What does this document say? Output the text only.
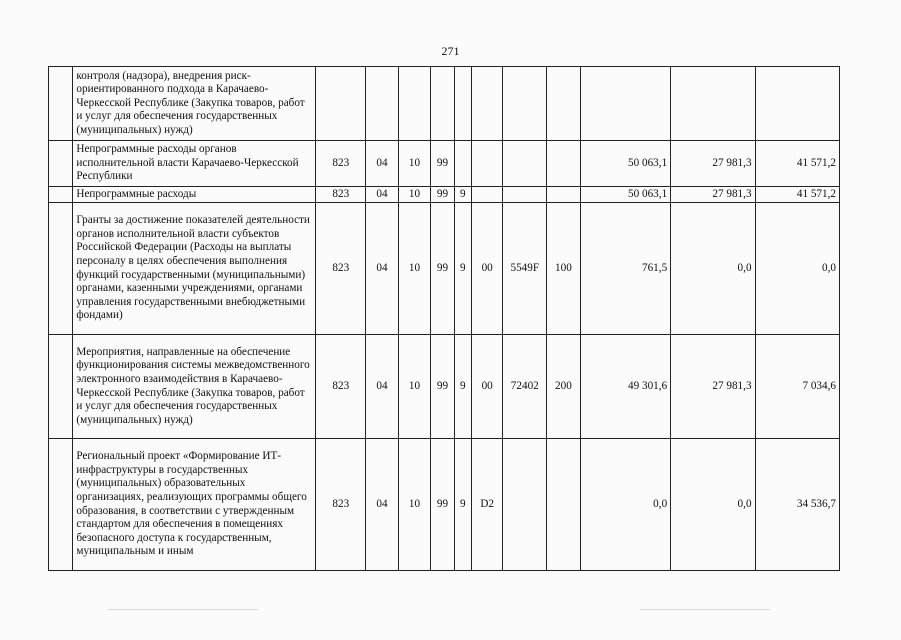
271
	контроля (надзора), внедрения риск-ориентированного подхода в Карачаево-Черкесской Республике (Закупка товаров, работ и услуг для обеспечения государственных (муниципальных) нужд)											
	Непрограммные расходы органов исполнительной власти Карачаево-Черкесской Республики	823	04	10	99					50 063,1	27 981,3	41 571,2
	Непрограммные расходы	823	04	10	99	9				50 063,1	27 981,3	41 571,2
	Гранты за достижение показателей деятельности органов исполнительной власти субъектов Российской Федерации (Расходы на выплаты персоналу в целях обеспечения выполнения функций государственными (муниципальными) органами, казенными учреждениями, органами управления государственными внебюджетными фондами)	823	04	10	99	9	00	5549F	100	761,5	0,0	0,0
	Мероприятия, направленные на обеспечение функционирования системы межведомственного электронного взаимодействия в Карачаево-Черкесской Республике (Закупка товаров, работ и услуг для обеспечения государственных (муниципальных) нужд)	823	04	10	99	9	00	72402	200	49 301,6	27 981,3	7 034,6
	Региональный проект «Формирование ИТ-инфраструктуры в государственных (муниципальных) образовательных организациях, реализующих программы общего образования, в соответствии с утвержденным стандартом для обеспечения в помещениях безопасного доступа к государственным, муниципальным и иным	823	04	10	99	9	D2			0,0	0,0	34 536,7
